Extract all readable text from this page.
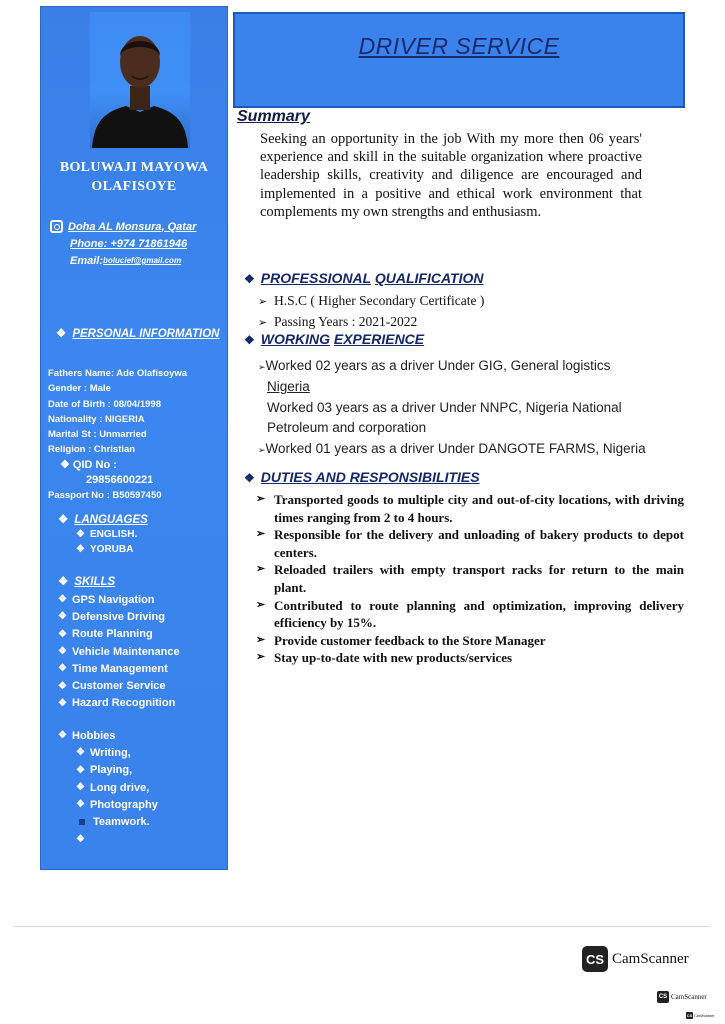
BOLUWAJI MAYOWA
OLAFISOYE
Doha AL Monsura, Qatar
Phone: +974 71861946
Email: bolucief@gmail.com
❖ PERSONAL INFORMATION
Fathers Name: Ade Olafisoywa
Gender : Male
Date of Birth : 08/04/1998
Nationality : NIGERIA
Marital St : Unmarried
Religion : Christian
❖ QID No :
29856600221
Passport No : B50597450
❖ LANGUAGES
❖ ENGLISH.
❖ YORUBA
❖ SKILLS
❖ GPS Navigation
❖ Defensive Driving
❖ Route Planning
❖ Vehicle Maintenance
❖ Time Management
❖ Customer Service
❖ Hazard Recognition
❖ Hobbies
❖ Writing,
❖ Playing,
❖ Long drive,
❖ Photography
Teamwork.
❖
DRIVER SERVICE
Summary
Seeking an opportunity in the job With my more then 06 years' experience and skill in the suitable organization where proactive leadership skills, creativity and diligence are encouraged and implemented in a positive and ethical work environment that complements my own strengths and enthusiasm.
❖ PROFESSIONAL QUALIFICATION
➢ H.S.C ( Higher Secondary Certificate )
➢ Passing Years : 2021-2022
❖ WORKING EXPERIENCE
➢Worked 02 years as a driver Under GIG, General logistics
Nigeria
Worked 03 years as a driver Under NNPC, Nigeria National
Petroleum and corporation
➢Worked 01 years as a driver Under DANGOTE FARMS, Nigeria
❖ DUTIES AND RESPONSIBILITIES
➢ Transported goods to multiple city and out-of-city locations, with driving times ranging from 2 to 4 hours.
➢ Responsible for the delivery and unloading of bakery products to depot centers.
➢ Reloaded trailers with empty transport racks for return to the main plant.
➢ Contributed to route planning and optimization, improving delivery efficiency by 15%.
➢ Provide customer feedback to the Store Manager
➢ Stay up-to-date with new products/services
CS CamScanner
CS CamScanner
CS CamScanner
